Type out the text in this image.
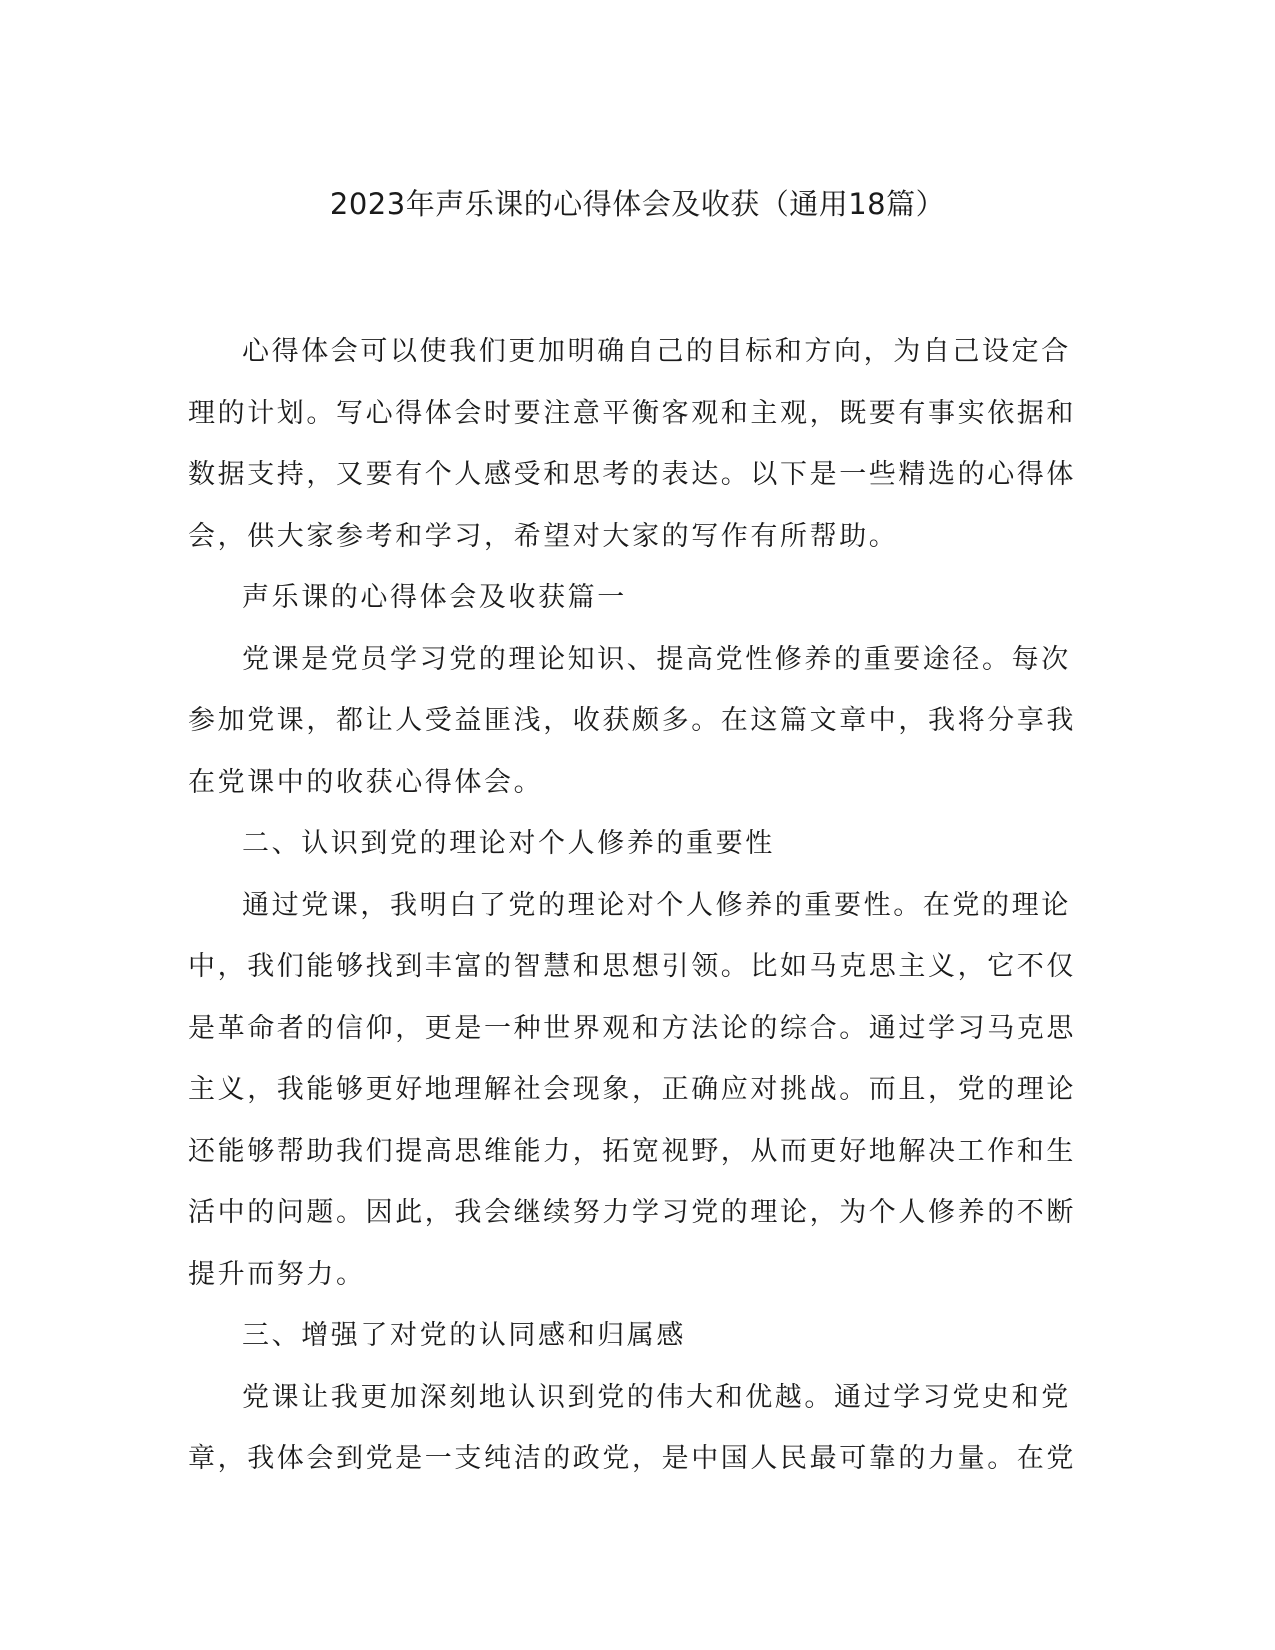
2023年声乐课的心得体会及收获（通用18篇）

心得体会可以使我们更加明确自己的目标和方向，为自己设定合
理的计划。写心得体会时要注意平衡客观和主观，既要有事实依据和
数据支持，又要有个人感受和思考的表达。以下是一些精选的心得体
会，供大家参考和学习，希望对大家的写作有所帮助。

声乐课的心得体会及收获篇一

党课是党员学习党的理论知识、提高党性修养的重要途径。每次
参加党课，都让人受益匪浅，收获颇多。在这篇文章中，我将分享我
在党课中的收获心得体会。

二、认识到党的理论对个人修养的重要性

通过党课，我明白了党的理论对个人修养的重要性。在党的理论
中，我们能够找到丰富的智慧和思想引领。比如马克思主义，它不仅
是革命者的信仰，更是一种世界观和方法论的综合。通过学习马克思
主义，我能够更好地理解社会现象，正确应对挑战。而且，党的理论
还能够帮助我们提高思维能力，拓宽视野，从而更好地解决工作和生
活中的问题。因此，我会继续努力学习党的理论，为个人修养的不断
提升而努力。

三、增强了对党的认同感和归属感

党课让我更加深刻地认识到党的伟大和优越。通过学习党史和党
章，我体会到党是一支纯洁的政党，是中国人民最可靠的力量。在党
